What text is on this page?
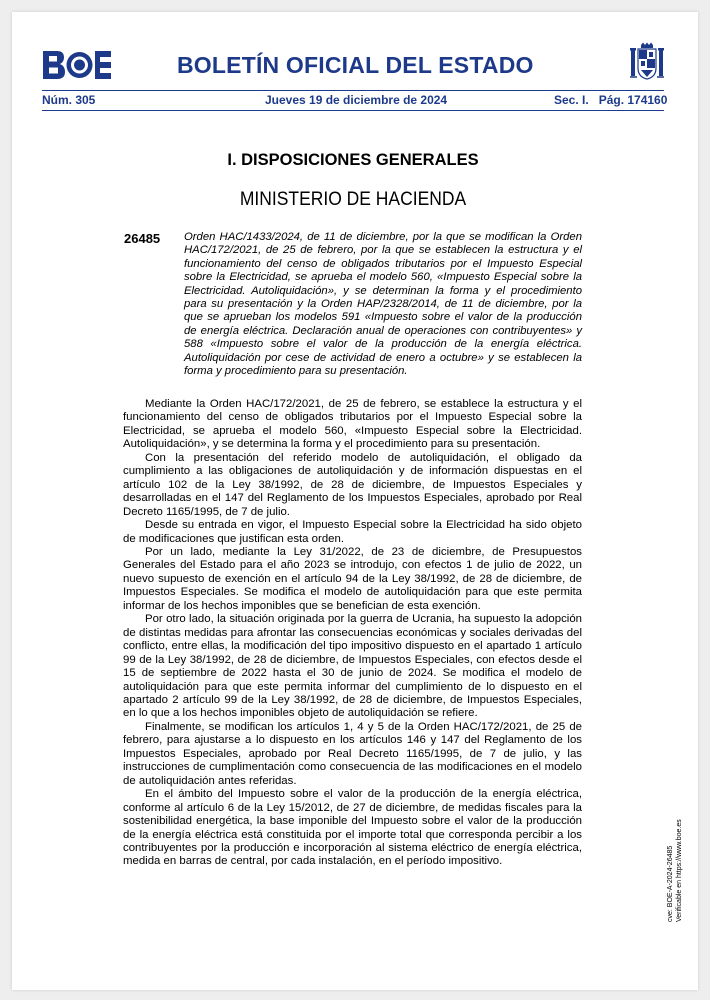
BOLETÍN OFICIAL DEL ESTADO
Núm. 305	Jueves 19 de diciembre de 2024	Sec. I.   Pág. 174160
I. DISPOSICIONES GENERALES
MINISTERIO DE HACIENDA
26485 Orden HAC/1433/2024, de 11 de diciembre, por la que se modifican la Orden HAC/172/2021, de 25 de febrero, por la que se establecen la estructura y el funcionamiento del censo de obligados tributarios por el Impuesto Especial sobre la Electricidad, se aprueba el modelo 560, «Impuesto Especial sobre la Electricidad. Autoliquidación», y se determinan la forma y el procedimiento para su presentación y la Orden HAP/2328/2014, de 11 de diciembre, por la que se aprueban los modelos 591 «Impuesto sobre el valor de la producción de energía eléctrica. Declaración anual de operaciones con contribuyentes» y 588 «Impuesto sobre el valor de la producción de la energía eléctrica. Autoliquidación por cese de actividad de enero a octubre» y se establecen la forma y procedimiento para su presentación.

Mediante la Orden HAC/172/2021, de 25 de febrero, se establece la estructura y el funcionamiento del censo de obligados tributarios por el Impuesto Especial sobre la Electricidad, se aprueba el modelo 560, «Impuesto Especial sobre la Electricidad. Autoliquidación», y se determina la forma y el procedimiento para su presentación.

Con la presentación del referido modelo de autoliquidación, el obligado da cumplimiento a las obligaciones de autoliquidación y de información dispuestas en el artículo 102 de la Ley 38/1992, de 28 de diciembre, de Impuestos Especiales y desarrolladas en el 147 del Reglamento de los Impuestos Especiales, aprobado por Real Decreto 1165/1995, de 7 de julio.

Desde su entrada en vigor, el Impuesto Especial sobre la Electricidad ha sido objeto de modificaciones que justifican esta orden.

Por un lado, mediante la Ley 31/2022, de 23 de diciembre, de Presupuestos Generales del Estado para el año 2023 se introdujo, con efectos 1 de julio de 2022, un nuevo supuesto de exención en el artículo 94 de la Ley 38/1992, de 28 de diciembre, de Impuestos Especiales. Se modifica el modelo de autoliquidación para que este permita informar de los hechos imponibles que se benefician de esta exención.

Por otro lado, la situación originada por la guerra de Ucrania, ha supuesto la adopción de distintas medidas para afrontar las consecuencias económicas y sociales derivadas del conflicto, entre ellas, la modificación del tipo impositivo dispuesto en el apartado 1 artículo 99 de la Ley 38/1992, de 28 de diciembre, de Impuestos Especiales, con efectos desde el 15 de septiembre de 2022 hasta el 30 de junio de 2024. Se modifica el modelo de autoliquidación para que este permita informar del cumplimiento de lo dispuesto en el apartado 2 artículo 99 de la Ley 38/1992, de 28 de diciembre, de Impuestos Especiales, en lo que a los hechos imponibles objeto de autoliquidación se refiere.

Finalmente, se modifican los artículos 1, 4 y 5 de la Orden HAC/172/2021, de 25 de febrero, para ajustarse a lo dispuesto en los artículos 146 y 147 del Reglamento de los Impuestos Especiales, aprobado por Real Decreto 1165/1995, de 7 de julio, y las instrucciones de cumplimentación como consecuencia de las modificaciones en el modelo de autoliquidación antes referidas.

En el ámbito del Impuesto sobre el valor de la producción de la energía eléctrica, conforme al artículo 6 de la Ley 15/2012, de 27 de diciembre, de medidas fiscales para la sostenibilidad energética, la base imponible del Impuesto sobre el valor de la producción de la energía eléctrica está constituida por el importe total que corresponda percibir a los contribuyentes por la producción e incorporación al sistema eléctrico de energía eléctrica, medida en barras de central, por cada instalación, en el período impositivo.	cve: BOE-A-2024-26485 Verificable en https://www.boe.es
